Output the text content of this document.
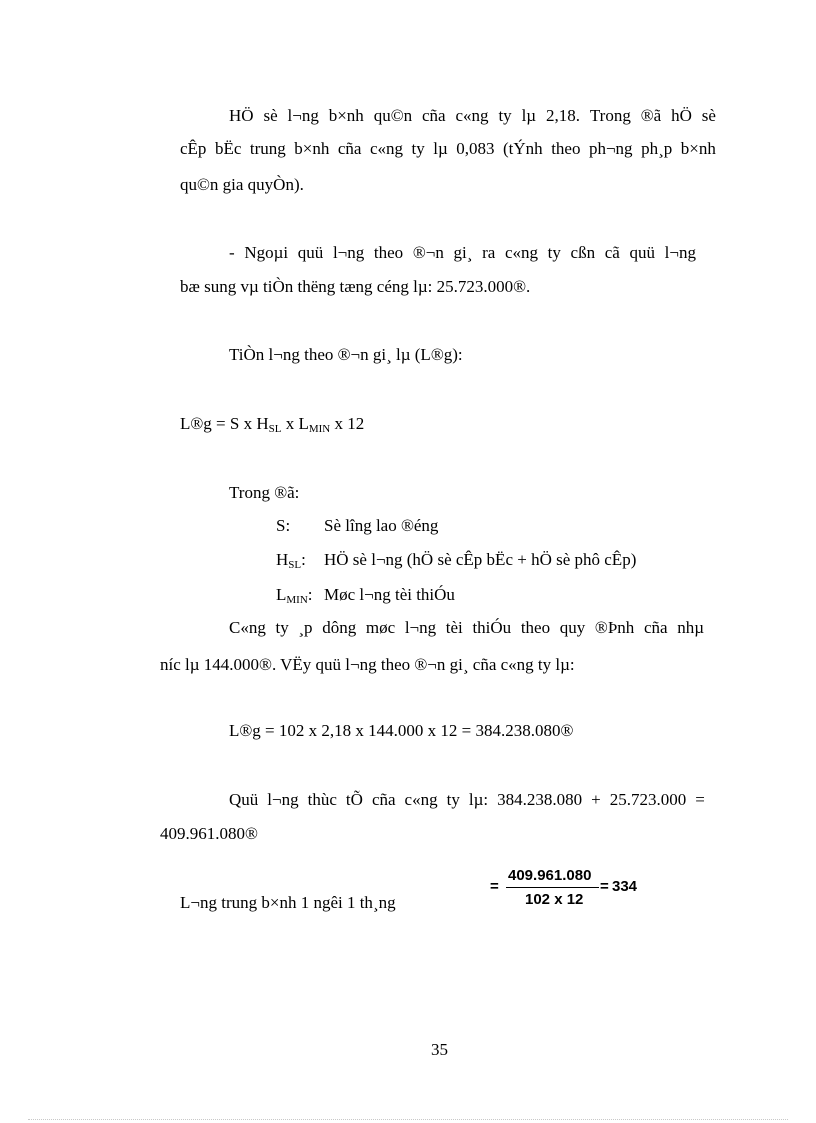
HÖ sè l¬ng b×nh qu©n cña c«ng ty lµ 2,18. Trong ®ã hÖ sè
cÊp bËc trung b×nh cña c«ng ty lµ 0,083 (tÝnh theo ph¬ng ph¸p b×nh
qu©n gia quyÒn).
- Ngoµi quü l¬ng theo ®¬n gi¸ ra c«ng ty cßn cã quü l¬ng
bæ sung vµ tiÒn thëng tæng céng lµ: 25.723.000®.
TiÒn l¬ng theo ®¬n gi¸ lµ (L®g):
L®g = S x $H_{SL}$ x $L_{MIN}$ x 12
Trong ®ã:
S: Sè lîng lao ®éng
$H_{SL}$: HÖ sè l¬ng (hÖ sè cÊp bËc + hÖ sè phô cÊp)
$L_{MIN}$: Møc l¬ng tèi thiÓu
C«ng ty ¸p dông møc l¬ng tèi thiÓu theo quy ®Þnh cña nhµ
níc lµ 144.000®. VËy quü l¬ng theo ®¬n gi¸ cña c«ng ty lµ:
L®g = 102 x 2,18 x 144.000 x 12 = 384.238.080®
Quü l¬ng thùc tÕ cña c«ng ty lµ: 384.238.080 + 25.723.000 =
409.961.080®
L¬ng trung b×nh 1 ngêi 1 th¸ng
=
409.961.080
102 x 12
= 334
35
